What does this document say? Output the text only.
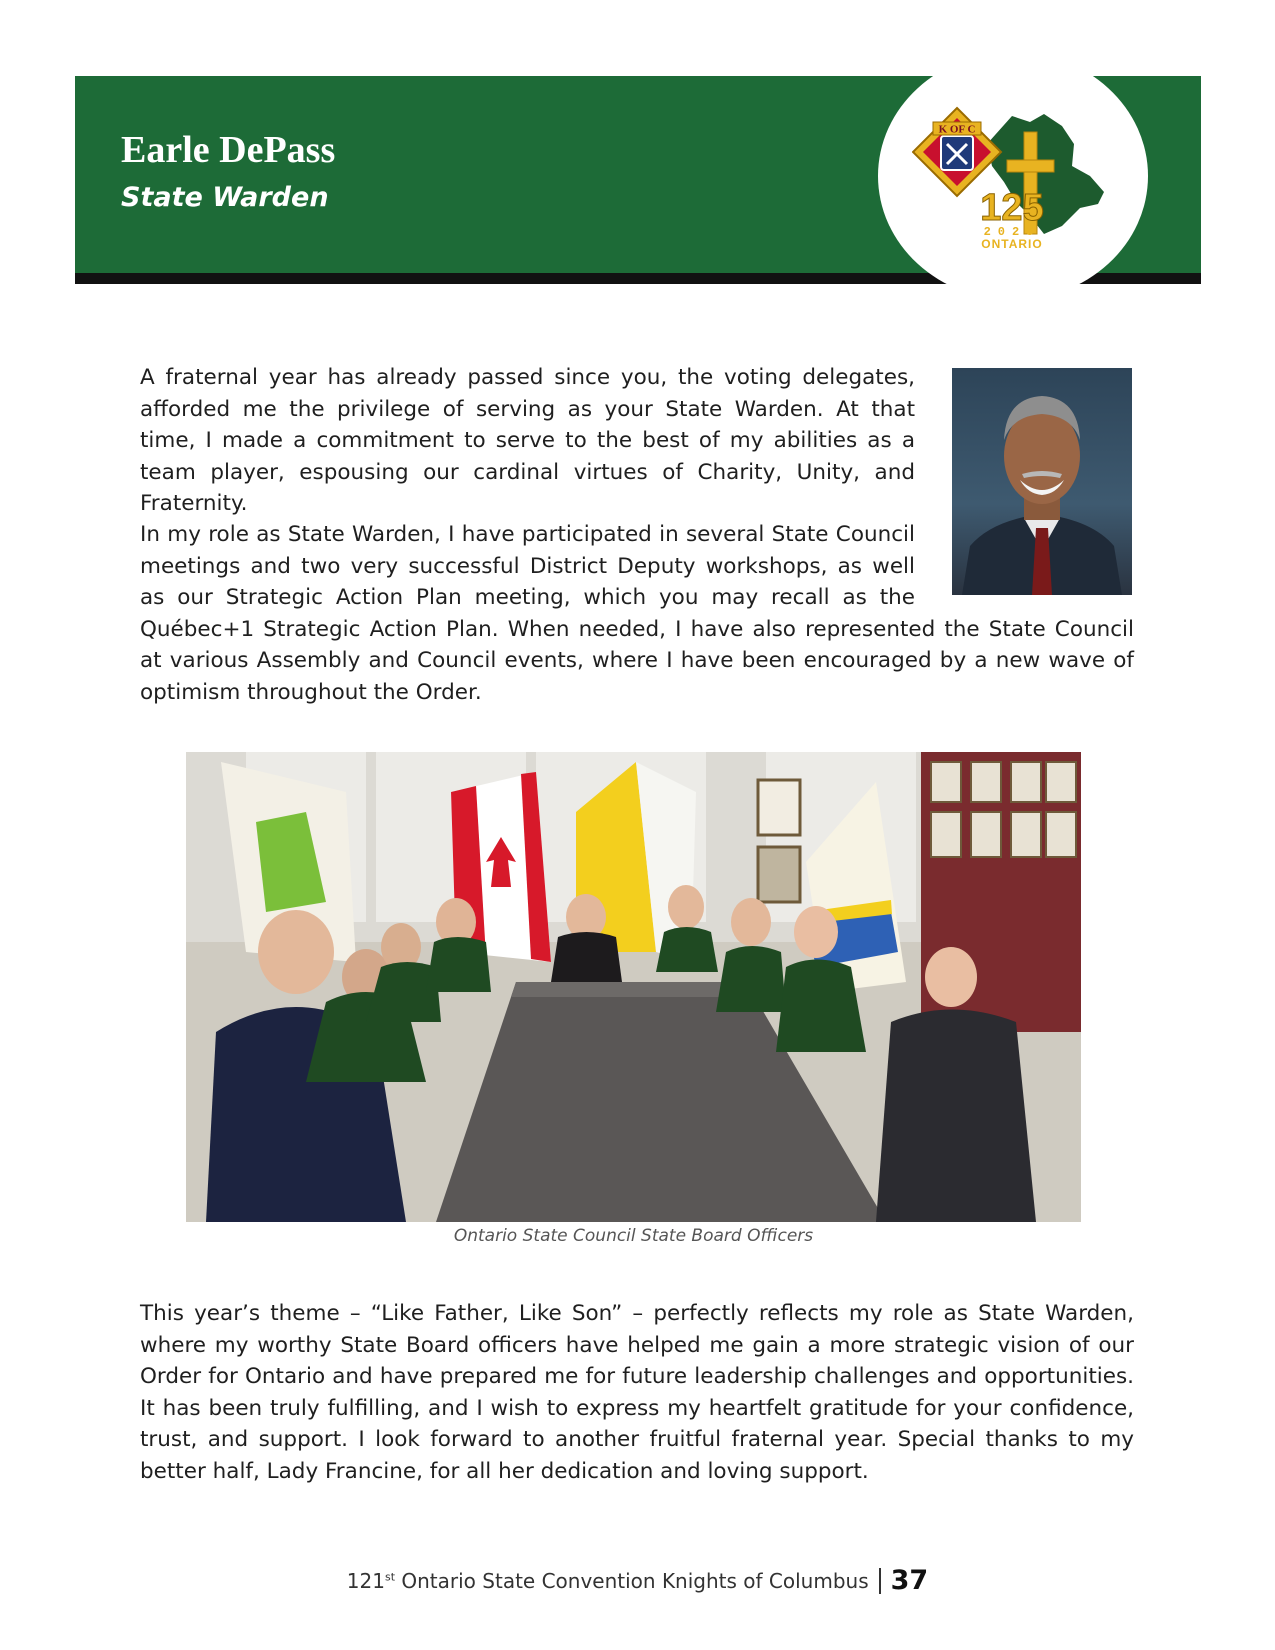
Earle DePass
State Warden
K OF C
125
2025
ONTARIO

A fraternal year has already passed since you, the voting delegates, afforded me the privilege of serving as your State Warden. At that time, I made a commitment to serve to the best of my abilities as a team player, espousing our cardinal virtues of Charity, Unity, and Fraternity.

In my role as State Warden, I have participated in several State Council meetings and two very successful District Deputy workshops, as well as our Strategic Action Plan meeting, which you may recall as the Québec+1 Strategic Action Plan. When needed, I have also represented the State Council at various Assembly and Council events, where I have been encouraged by a new wave of optimism throughout the Order.

Ontario State Council State Board Officers

This year’s theme – “Like Father, Like Son” – perfectly reflects my role as State Warden, where my worthy State Board officers have helped me gain a more strategic vision of our Order for Ontario and have prepared me for future leadership challenges and opportunities. It has been truly fulfilling, and I wish to express my heartfelt gratitude for your confidence, trust, and support. I look forward to another fruitful fraternal year. Special thanks to my better half, Lady Francine, for all her dedication and loving support.

121st Ontario State Convention Knights of Columbus 37
